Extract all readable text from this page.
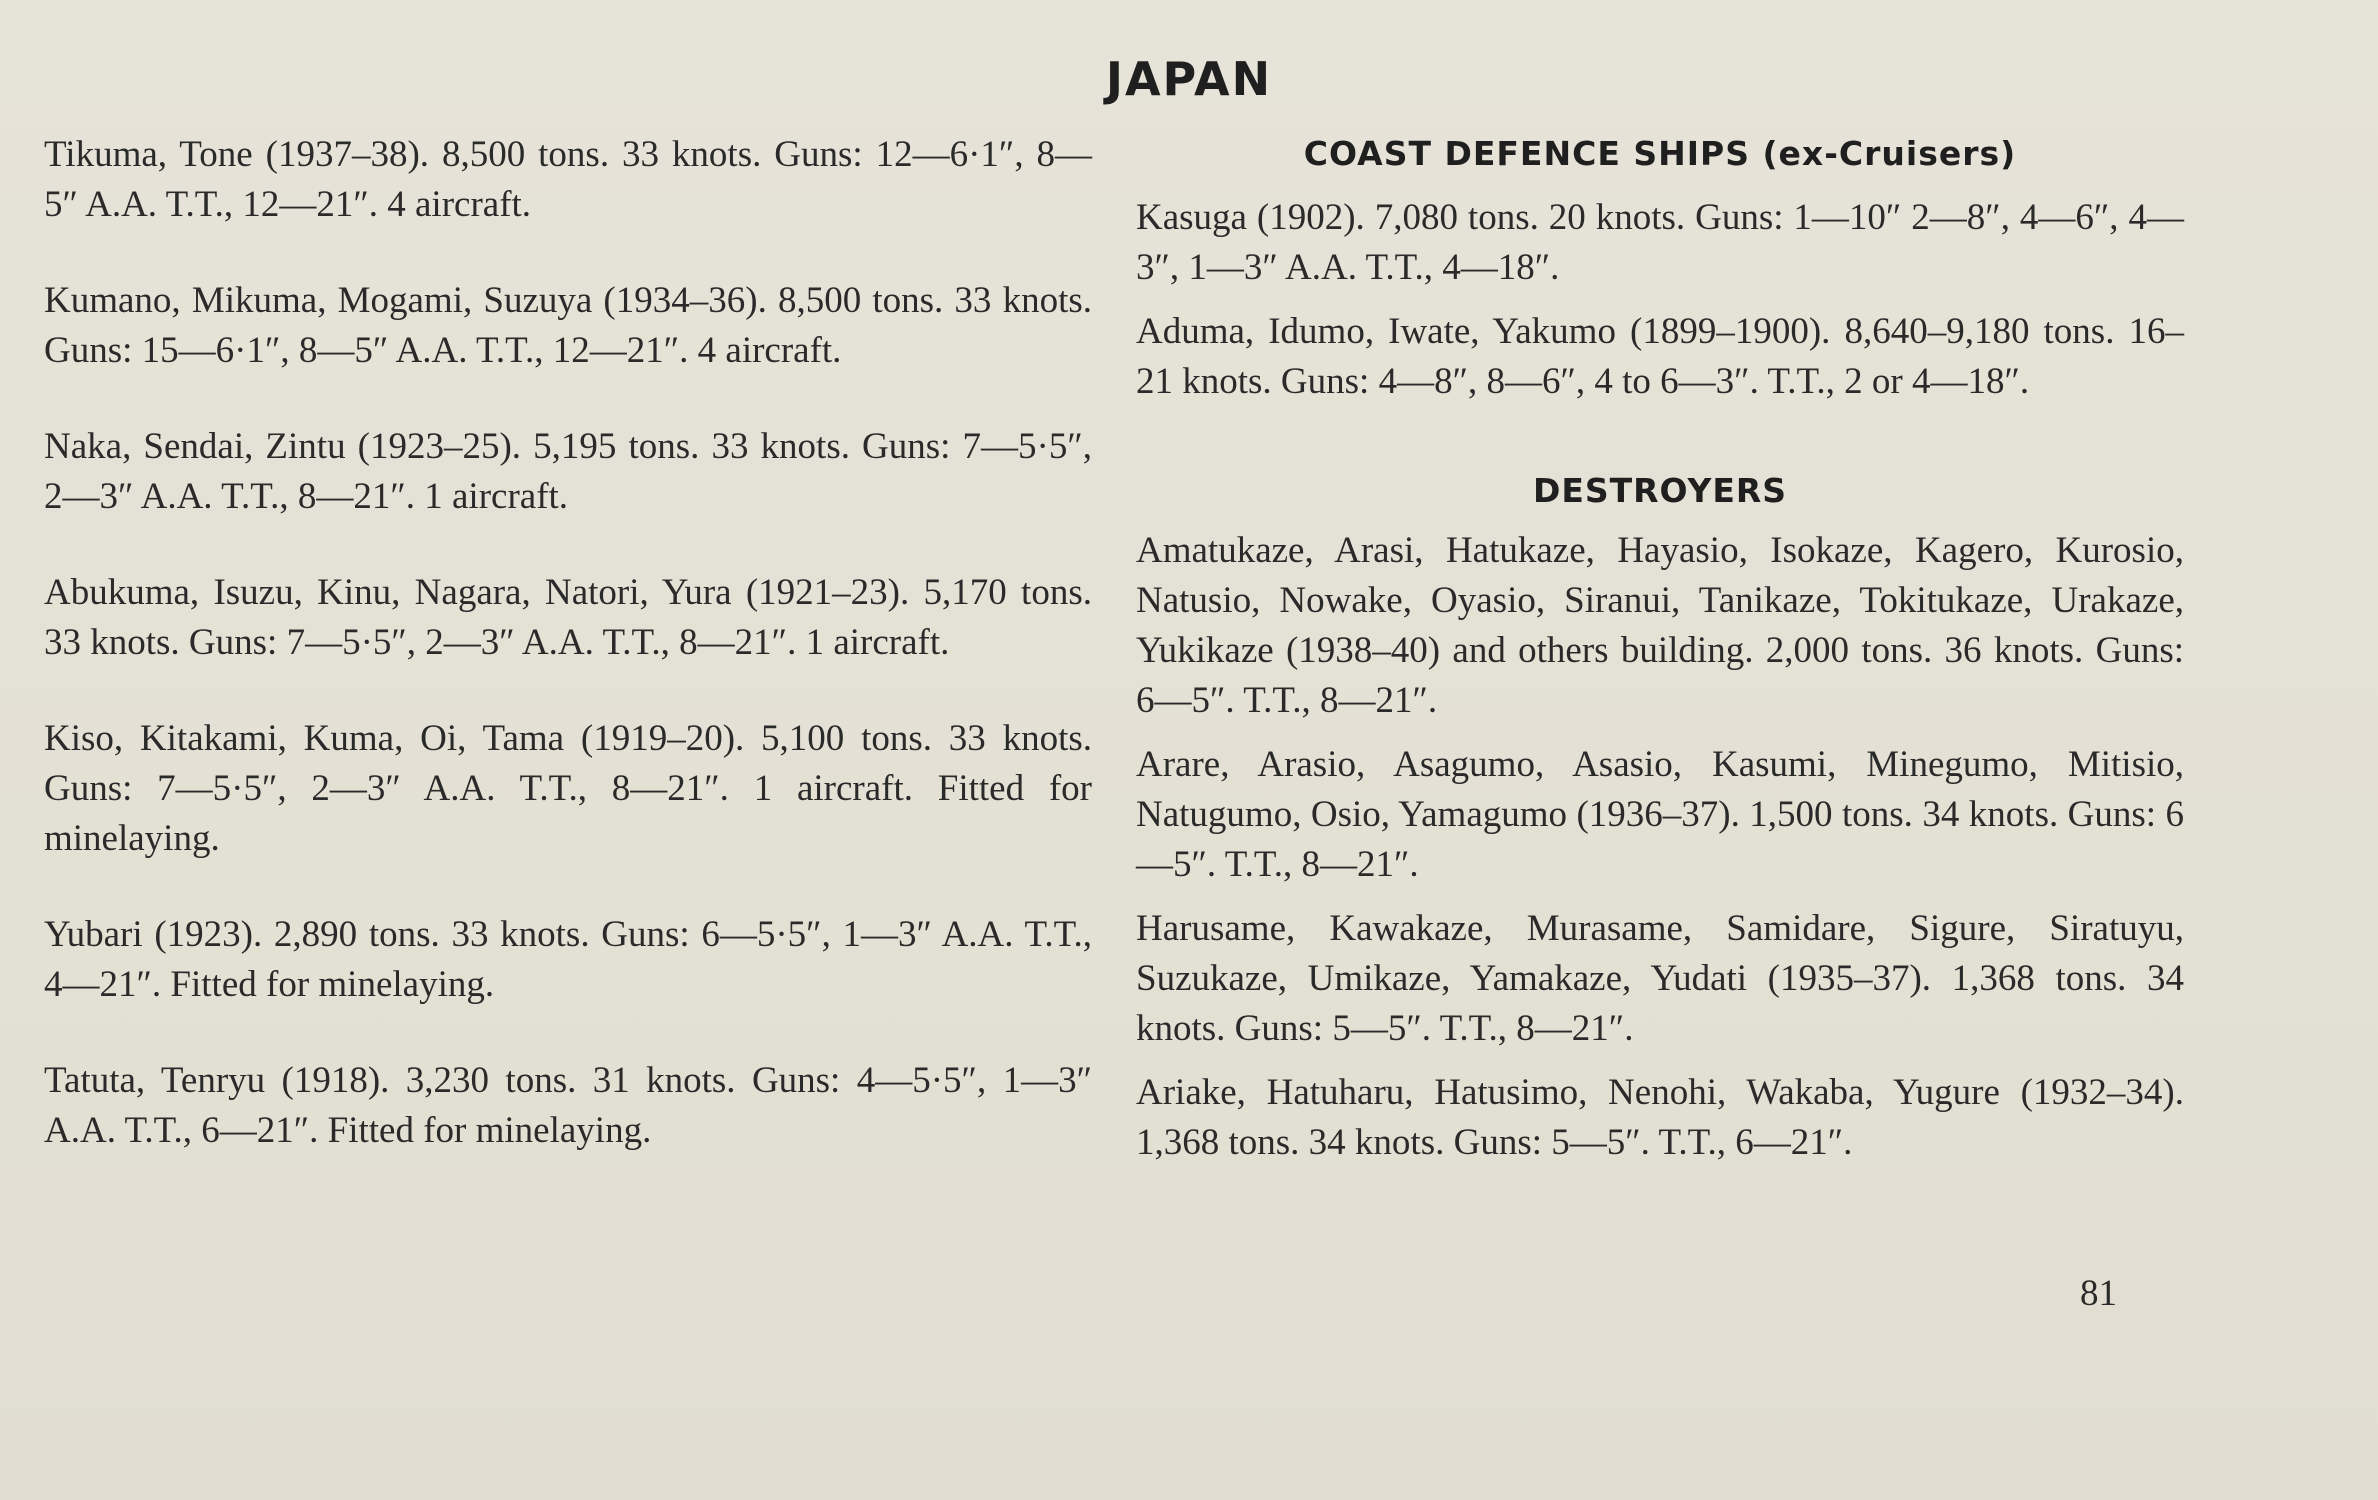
JAPAN

Tikuma, Tone (1937–38). 8,500 tons. 33 knots. Guns: 12—6·1″, 8—5″ A.A. T.T., 12—21″. 4 aircraft.

Kumano, Mikuma, Mogami, Suzuya (1934–36). 8,500 tons. 33 knots. Guns: 15—6·1″, 8—5″ A.A. T.T., 12—21″. 4 aircraft.

Naka, Sendai, Zintu (1923–25). 5,195 tons. 33 knots. Guns: 7—5·5″, 2—3″ A.A. T.T., 8—21″. 1 aircraft.

Abukuma, Isuzu, Kinu, Nagara, Natori, Yura (1921–23). 5,170 tons. 33 knots. Guns: 7—5·5″, 2—3″ A.A. T.T., 8—21″. 1 aircraft.

Kiso, Kitakami, Kuma, Oi, Tama (1919–20). 5,100 tons. 33 knots. Guns: 7—5·5″, 2—3″ A.A. T.T., 8—21″. 1 aircraft. Fitted for minelaying.

Yubari (1923). 2,890 tons. 33 knots. Guns: 6—5·5″, 1—3″ A.A. T.T., 4—21″. Fitted for minelaying.

Tatuta, Tenryu (1918). 3,230 tons. 31 knots. Guns: 4—5·5″, 1—3″ A.A. T.T., 6—21″. Fitted for minelaying.

COAST DEFENCE SHIPS (ex-Cruisers)

Kasuga (1902). 7,080 tons. 20 knots. Guns: 1—10″ 2—8″, 4—6″, 4—3″, 1—3″ A.A. T.T., 4—18″.

Aduma, Idumo, Iwate, Yakumo (1899–1900). 8,640–9,180 tons. 16–21 knots. Guns: 4—8″, 8—6″, 4 to 6—3″. T.T., 2 or 4—18″.

DESTROYERS

Amatukaze, Arasi, Hatukaze, Hayasio, Isokaze, Kagero, Kurosio, Natusio, Nowake, Oyasio, Siranui, Tanikaze, Tokitukaze, Urakaze, Yukikaze (1938–40) and others building. 2,000 tons. 36 knots. Guns: 6—5″. T.T., 8—21″.

Arare, Arasio, Asagumo, Asasio, Kasumi, Minegumo, Mitisio, Natugumo, Osio, Yamagumo (1936–37). 1,500 tons. 34 knots. Guns: 6—5″. T.T., 8—21″.

Harusame, Kawakaze, Murasame, Samidare, Sigure, Siratuyu, Suzukaze, Umikaze, Yamakaze, Yudati (1935–37). 1,368 tons. 34 knots. Guns: 5—5″. T.T., 8—21″.

Ariake, Hatuharu, Hatusimo, Nenohi, Wakaba, Yugure (1932–34). 1,368 tons. 34 knots. Guns: 5—5″. T.T., 6—21″.

81
